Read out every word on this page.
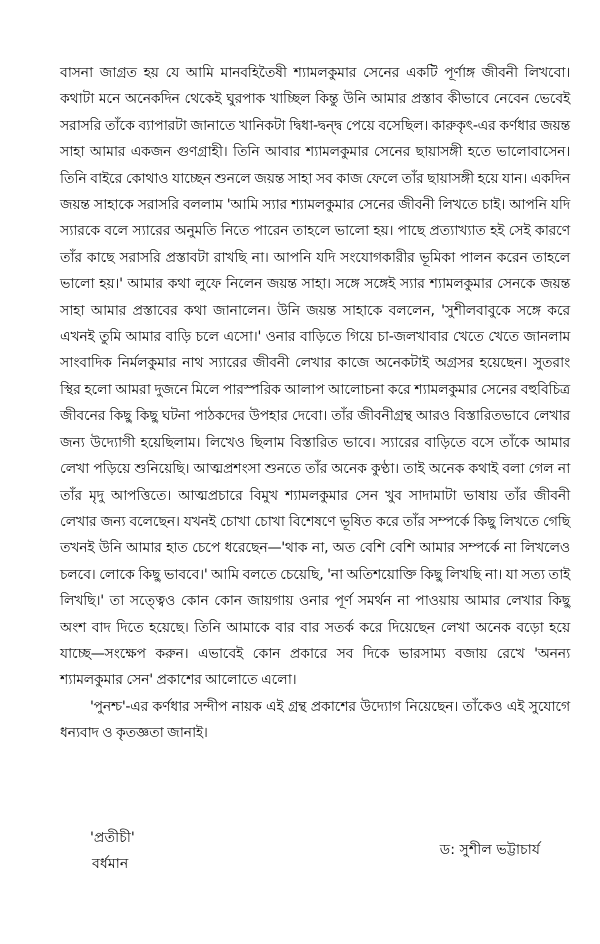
বাসনা জাগ্রত হয় যে আমি মানবহিতৈষী শ্যামলকুমার সেনের একটি পূর্ণাঙ্গ জীবনী লিখবো। কথাটা মনে অনেকদিন থেকেই ঘুরপাক খাচ্ছিল কিন্তু উনি আমার প্রস্তাব কীভাবে নেবেন ভেবেই সরাসরি তাঁকে ব্যাপারটা জানাতে খানিকটা দ্বিধা-দ্বন্দ্ব পেয়ে বসেছিল। কারুকৃৎ-এর কর্ণধার জয়ন্ত সাহা আমার একজন গুণগ্রাহী। তিনি আবার শ্যামলকুমার সেনের ছায়াসঙ্গী হতে ভালোবাসেন। তিনি বাইরে কোথাও যাচ্ছেন শুনলে জয়ন্ত সাহা সব কাজ ফেলে তাঁর ছায়াসঙ্গী হয়ে যান। একদিন জয়ন্ত সাহাকে সরাসরি বললাম 'আমি স্যার শ্যামলকুমার সেনের জীবনী লিখতে চাই। আপনি যদি স্যারকে বলে স্যারের অনুমতি নিতে পারেন তাহলে ভালো হয়। পাছে প্রত্যাখ্যাত হই সেই কারণে তাঁর কাছে সরাসরি প্রস্তাবটা রাখছি না। আপনি যদি সংযোগকারীর ভূমিকা পালন করেন তাহলে ভালো হয়।' আমার কথা লুফে নিলেন জয়ন্ত সাহা। সঙ্গে সঙ্গেই স্যার শ্যামলকুমার সেনকে জয়ন্ত সাহা আমার প্রস্তাবের কথা জানালেন। উনি জয়ন্ত সাহাকে বললেন, 'সুশীলবাবুকে সঙ্গে করে এখনই তুমি আমার বাড়ি চলে এসো।' ওনার বাড়িতে গিয়ে চা-জলখাবার খেতে খেতে জানলাম সাংবাদিক নির্মলকুমার নাথ স্যারের জীবনী লেখার কাজে অনেকটাই অগ্রসর হয়েছেন। সুতরাং স্থির হলো আমরা দুজনে মিলে পারস্পরিক আলাপ আলোচনা করে শ্যামলকুমার সেনের বহুবিচিত্র জীবনের কিছু কিছু ঘটনা পাঠকদের উপহার দেবো। তাঁর জীবনীগ্রন্থ আরও বিস্তারিতভাবে লেখার জন্য উদ্যোগী হয়েছিলাম। লিখেও ছিলাম বিস্তারিত ভাবে। স্যারের বাড়িতে বসে তাঁকে আমার লেখা পড়িয়ে শুনিয়েছি। আত্মপ্রশংসা শুনতে তাঁর অনেক কুণ্ঠা। তাই অনেক কথাই বলা গেল না তাঁর মৃদু আপত্তিতে। আত্মপ্রচারে বিমুখ শ্যামলকুমার সেন খুব সাদামাটা ভাষায় তাঁর জীবনী লেখার জন্য বলেছেন। যখনই চোখা চোখা বিশেষণে ভূষিত করে তাঁর সম্পর্কে কিছু লিখতে গেছি তখনই উনি আমার হাত চেপে ধরেছেন—'থাক না, অত বেশি বেশি আমার সম্পর্কে না লিখলেও চলবে। লোকে কিছু ভাববে।' আমি বলতে চেয়েছি, 'না অতিশয়োক্তি কিছু লিখছি না। যা সত্য তাই লিখছি।' তা সত্ত্বেও কোন কোন জায়গায় ওনার পূর্ণ সমর্থন না পাওয়ায় আমার লেখার কিছু অংশ বাদ দিতে হয়েছে। তিনি আমাকে বার বার সতর্ক করে দিয়েছেন লেখা অনেক বড়ো হয়ে যাচ্ছে—সংক্ষেপ করুন। এভাবেই কোন প্রকারে সব দিকে ভারসাম্য বজায় রেখে 'অনন্য শ্যামলকুমার সেন' প্রকাশের আলোতে এলো।

'পুনশ্চ'-এর কর্ণধার সন্দীপ নায়ক এই গ্রন্থ প্রকাশের উদ্যোগ নিয়েছেন। তাঁকেও এই সুযোগে ধন্যবাদ ও কৃতজ্ঞতা জানাই।

'প্রতীচী'
বর্ধমান
ড: সুশীল ভট্টাচার্য
